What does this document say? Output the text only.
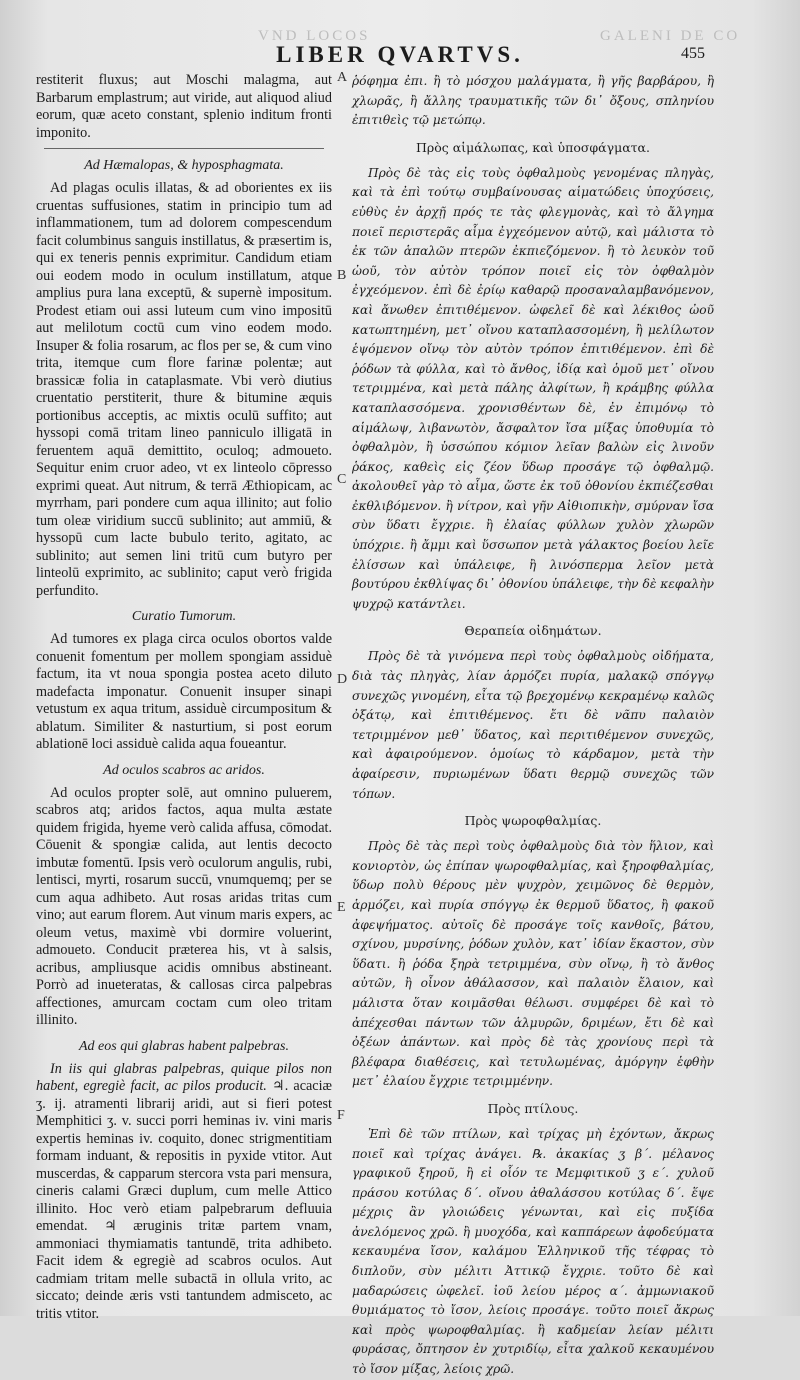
VND LOCOS	GALENI DE CO
LIBER QVARTVS.	455
A
B
C
D
E
F

restiterit fluxus; aut Moschi malagma, aut Barbarum emplastrum; aut viride, aut aliquod aliud eorum, quæ aceto constant, splenio inditum fronti imponito.

Ad Hæmalopas, & hyposphagmata.

Ad plagas oculis illatas, & ad oborientes ex iis cruentas suffusiones, statim in principio tum ad inflammationem, tum ad dolorem compescendum facit columbinus sanguis instillatus, & præsertim is, qui ex teneris pennis exprimitur. Candidum etiam oui eodem modo in oculum instillatum, atque amplius pura lana exceptū, & supernè impositum. Prodest etiam oui assi luteum cum vino impositū aut melilotum coctū cum vino eodem modo. Insuper & folia rosarum, ac flos per se, & cum vino trita, itemque cum flore farinæ polentæ; aut brassicæ folia in cataplasmate. Vbi verò diutius cruentatio perstiterit, thure & bitumine æquis portionibus acceptis, ac mixtis oculū suffito; aut hyssopi comā tritam lineo panniculo illigatā in feruentem aquā demittito, oculoq; admoueto. Sequitur enim cruor adeo, vt ex linteolo cōpresso exprimi queat. Aut nitrum, & terrā Æthiopicam, ac myrrham, pari pondere cum aqua illinito; aut folio tum oleæ viridium succū sublinito; aut ammiū, & hyssopū cum lacte bubulo terito, agitato, ac sublinito; aut semen lini tritū cum butyro per linteolū exprimito, ac sublinito; caput verò frigida perfundito.

Curatio Tumorum.

Ad tumores ex plaga circa oculos obortos valde conuenit fomentum per mollem spongiam assiduè factum, ita vt noua spongia postea aceto diluto madefacta imponatur. Conuenit insuper sinapi vetustum ex aqua tritum, assiduè circumpositum & ablatum. Similiter & nasturtium, si post eorum ablationē loci assiduè calida aqua foueantur.

Ad oculos scabros ac aridos.

Ad oculos propter solē, aut omnino puluerem, scabros atq; aridos factos, aqua multa æstate quidem frigida, hyeme verò calida affusa, cōmodat. Cōuenit & spongiæ calida, aut lentis decocto imbutæ fomentū. Ipsis verò oculorum angulis, rubi, lentisci, myrti, rosarum succū, vnumquemq; per se cum aqua adhibeto. Aut rosas aridas tritas cum vino; aut earum florem. Aut vinum maris expers, ac oleum vetus, maximè vbi dormire voluerint, admoueto. Conducit præterea his, vt à salsis, acribus, ampliusque acidis omnibus abstineant. Porrò ad inueteratas, & callosas circa palpebras affectiones, amurcam coctam cum oleo tritam illinito.

Ad eos qui glabras habent palpebras.

In iis qui glabras palpebras, quique pilos non habent, egregiè facit, ac pilos producit. ♃. acaciæ ʒ. ij. atramenti librarij aridi, aut si fieri potest Memphitici ʒ. v. succi porri heminas iv. vini maris expertis heminas iv. coquito, donec strigmentitiam formam induant, & repositis in pyxide vtitor. Aut muscerdas, & capparum stercora vsta pari mensura, cineris calami Græci duplum, cum melle Attico illinito. Hoc verò etiam palpebrarum defluuia emendat. ♃ æruginis tritæ partem vnam, ammoniaci thymiamatis tantundē, trita adhibeto. Facit idem & egregiè ad scabros oculos. Aut cadmiam tritam melle subactā in ollula vrito, ac siccato; deinde æris vsti tantundem admisceto, ac tritis vtitor.

ῥόφημα ἐπι. ἢ τὸ μόσχου μαλάγματα, ἢ γῆς βαρβάρου, ἢ χλωρᾶς, ἢ ἄλλης τραυματικῆς τῶν δι᾽ ὄξους, σπληνίου ἐπιτιθεὶς τῷ μετώπῳ.

Πρὸς αἱμάλωπας, καὶ ὑποσφάγματα.

Πρὸς δὲ τὰς εἰς τοὺς ὀφθαλμοὺς γενομένας πληγὰς, καὶ τὰ ἐπὶ τούτῳ συμβαίνουσας αἱματώδεις ὑποχύσεις, εὐθὺς ἐν ἀρχῇ πρός τε τὰς φλεγμονὰς, καὶ τὸ ἄλγημα ποιεῖ περιστερᾶς αἷμα ἐγχεόμενον αὐτῷ, καὶ μάλιστα τὸ ἐκ τῶν ἁπαλῶν πτερῶν ἐκπιεζόμενον. ἢ τὸ λευκὸν τοῦ ὠοῦ, τὸν αὐτὸν τρόπον ποιεῖ εἰς τὸν ὀφθαλμὸν ἐγχεόμενον. ἐπὶ δὲ ἐρίῳ καθαρῷ προσαναλαμβανόμενον, καὶ ἄνωθεν ἐπιτιθέμενον. ὠφελεῖ δὲ καὶ λέκιθος ὠοῦ κατωπτημένη, μετ᾽ οἴνου καταπλασσομένη, ἢ μελίλωτον ἑψόμενον οἴνῳ τὸν αὐτὸν τρόπον ἐπιτιθέμενον. ἐπὶ δὲ ῥόδων τὰ φύλλα, καὶ τὸ ἄνθος, ἰδίᾳ καὶ ὁμοῦ μετ᾽ οἴνου τετριμμένα, καὶ μετὰ πάλης ἀλφίτων, ἢ κράμβης φύλλα καταπλασσόμενα. χρονισθέντων δὲ, ἐν ἐπιμόνῳ τὸ αἱμάλωψ, λιβανωτὸν, ἄσφαλτον ἴσα μίξας ὑποθυμία τὸ ὀφθαλμὸν, ἢ ὑσσώπου κόμιον λεῖαν βαλὼν εἰς λινοῦν ῥάκος, καθεὶς εἰς ζέον ὕδωρ προσάγε τῷ ὀφθαλμῷ. ἀκολουθεῖ γὰρ τὸ αἷμα, ὥστε ἐκ τοῦ ὀθονίου ἐκπιέζεσθαι ἐκθλιβόμενον. ἢ νίτρον, καὶ γῆν Αἰθιοπικὴν, σμύρναν ἴσα σὺν ὕδατι ἔγχριε. ἢ ἐλαίας φύλλων χυλὸν χλωρῶν ὑπόχριε. ἢ ἄμμι καὶ ὕσσωπον μετὰ γάλακτος βοείου λεῖε ἐλίσσων καὶ ὑπάλειφε, ἢ λινόσπερμα λεῖον μετὰ βουτύρου ἐκθλίψας δι᾽ ὀθονίου ὑπάλειφε, τὴν δὲ κεφαλὴν ψυχρῷ κατάντλει.

Θεραπεία οἰδημάτων.

Πρὸς δὲ τὰ γινόμενα περὶ τοὺς ὀφθαλμοὺς οἰδήματα, διὰ τὰς πληγὰς, λίαν ἁρμόζει πυρία, μαλακῷ σπόγγῳ συνεχῶς γινομένη, εἶτα τῷ βρεχομένῳ κεκραμένῳ καλῶς ὀξάτῳ, καὶ ἐπιτιθέμενος. ἔτι δὲ νᾶπυ παλαιὸν τετριμμένον μεθ᾽ ὕδατος, καὶ περιτιθέμενον συνεχῶς, καὶ ἀφαιρούμενον. ὁμοίως τὸ κάρδαμον, μετὰ τὴν ἀφαίρεσιν, πυριωμένων ὕδατι θερμῷ συνεχῶς τῶν τόπων.

Πρὸς ψωροφθαλμίας.

Πρὸς δὲ τὰς περὶ τοὺς ὀφθαλμοὺς διὰ τὸν ἥλιον, καὶ κονιορτὸν, ὡς ἐπίπαν ψωροφθαλμίας, καὶ ξηροφθαλμίας, ὕδωρ πολὺ θέρους μὲν ψυχρὸν, χειμῶνος δὲ θερμὸν, ἁρμόζει, καὶ πυρία σπόγγῳ ἐκ θερμοῦ ὕδατος, ἢ φακοῦ ἀφεψήματος. αὐτοῖς δὲ προσάγε τοῖς κανθοῖς, βάτου, σχίνου, μυρσίνης, ῥόδων χυλὸν, κατ᾽ ἰδίαν ἕκαστον, σὺν ὕδατι. ἢ ῥόδα ξηρὰ τετριμμένα, σὺν οἴνῳ, ἢ τὸ ἄνθος αὐτῶν, ἢ οἶνον ἀθάλασσον, καὶ παλαιὸν ἔλαιον, καὶ μάλιστα ὅταν κοιμᾶσθαι θέλωσι. συμφέρει δὲ καὶ τὸ ἀπέχεσθαι πάντων τῶν ἁλμυρῶν, δριμέων, ἔτι δὲ καὶ ὀξέων ἁπάντων. καὶ πρὸς δὲ τὰς χρονίους περὶ τὰ βλέφαρα διαθέσεις, καὶ τετυλωμένας, ἀμόργην ἑφθὴν μετ᾽ ἐλαίου ἔγχριε τετριμμένην.

Πρὸς πτίλους.

Ἐπὶ δὲ τῶν πτίλων, καὶ τρίχας μὴ ἐχόντων, ἄκρως ποιεῖ καὶ τρίχας ἀνάγει. ℞. ἀκακίας ʒ β΄. μέλανος γραφικοῦ ξηροῦ, ἢ εἰ οἷόν τε Μεμφιτικοῦ ʒ ε΄. χυλοῦ πράσου κοτύλας δ΄. οἴνου ἀθαλάσσου κοτύλας δ΄. ἕψε μέχρις ἂν γλοιώδεις γένωνται, καὶ εἰς πυξίδα ἀνελόμενος χρῶ. ἢ μυοχόδα, καὶ καππάρεων ἀφοδεύματα κεκαυμένα ἴσον, καλάμου Ἑλληνικοῦ τῆς τέφρας τὸ διπλοῦν, σὺν μέλιτι Ἀττικῷ ἔγχριε. τοῦτο δὲ καὶ μαδαρώσεις ὠφελεῖ. ἰοῦ λείου μέρος α΄. ἀμμωνιακοῦ θυμιάματος τὸ ἴσον, λείοις προσάγε. τοῦτο ποιεῖ ἄκρως καὶ πρὸς ψωροφθαλμίας. ἢ καδμείαν λείαν μέλιτι φυράσας, ὄπτησον ἐν χυτριδίῳ, εἶτα χαλκοῦ κεκαυμένου τὸ ἴσον μίξας, λείοις χρῶ.
